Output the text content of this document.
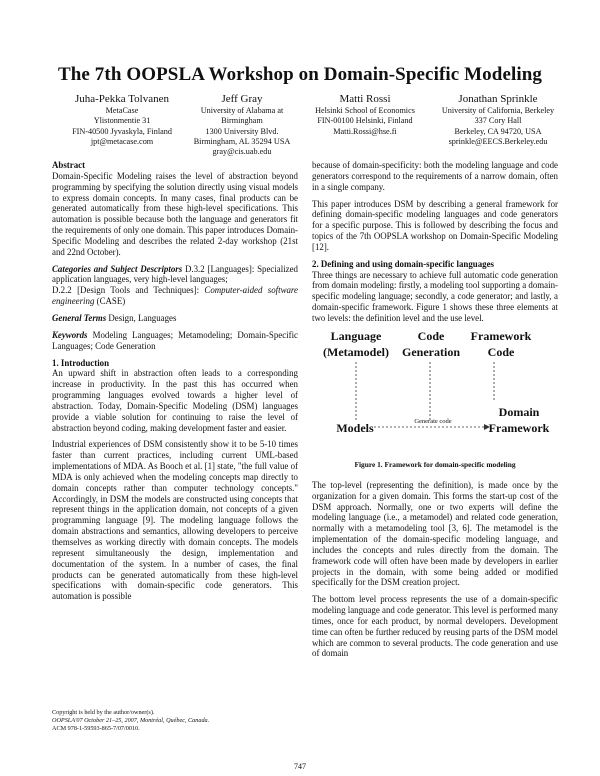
The 7th OOPSLA Workshop on Domain-Specific Modeling
Juha-Pekka Tolvanen
MetaCase
Ylistonmentie 31
FIN-40500 Jyvaskyla, Finland
jpt@metacase.com
Jeff Gray
University of Alabama at
Birmingham
1300 University Blvd.
Birmingham, AL 35294 USA
gray@cis.uab.edu
Matti Rossi
Helsinki School of Economics
FIN-00100 Helsinki, Finland
Matti.Rossi@hse.fi
Jonathan Sprinkle
University of California, Berkeley
337 Cory Hall
Berkeley, CA 94720, USA
sprinkle@EECS.Berkeley.edu
Abstract

Domain-Specific Modeling raises the level of abstraction beyond programming by specifying the solution directly using visual models to express domain concepts. In many cases, final products can be generated automatically from these high-level specifications. This automation is possible because both the language and generators fit the requirements of only one domain. This paper introduces Domain-Specific Modeling and describes the related 2-day workshop (21st and 22nd October).

Categories and Subject Descriptors D.3.2 [Languages]: Specialized application languages, very high-level languages;

D.2.2 [Design Tools and Techniques]: Computer-aided software engineering (CASE)

General Terms Design, Languages

Keywords Modeling Languages; Metamodeling; Domain-Specific Languages; Code Generation

1. Introduction

An upward shift in abstraction often leads to a corresponding increase in productivity. In the past this has occurred when programming languages evolved towards a higher level of abstraction. Today, Domain-Specific Modeling (DSM) languages provide a viable solution for continuing to raise the level of abstraction beyond coding, making development faster and easier.

Industrial experiences of DSM consistently show it to be 5-10 times faster than current practices, including current UML-based implementations of MDA. As Booch et al. [1] state, "the full value of MDA is only achieved when the modeling concepts map directly to domain concepts rather than computer technology concepts." Accordingly, in DSM the models are constructed using concepts that represent things in the application domain, not concepts of a given programming language [9]. The modeling language follows the domain abstractions and semantics, allowing developers to perceive themselves as working directly with domain concepts. The models represent simultaneously the design, implementation and documentation of the system. In a number of cases, the final products can be generated automatically from these high-level specifications with domain-specific code generators. This automation is possible

Copyright is held by the author/owner(s).
OOPSLA'07 October 21–25, 2007, Montréal, Québec, Canada.
ACM 978-1-59593-865-7/07/0010.

because of domain-specificity: both the modeling language and code generators correspond to the requirements of a narrow domain, often in a single company.

This paper introduces DSM by describing a general framework for defining domain-specific modeling languages and code generators for a specific purpose. This is followed by describing the focus and topics of the 7th OOPSLA workshop on Domain-Specific Modeling [12].

2. Defining and using domain-specific languages

Three things are necessary to achieve full automatic code generation from domain modeling: firstly, a modeling tool supporting a domain-specific modeling language; secondly, a code generator; and lastly, a domain-specific framework. Figure 1 shows these three elements at two levels: the definition level and the use level.

Language
(Metamodel)
Code
Generation
Framework
Code
Models	Generate code
Domain
Framework
Figure 1. Framework for domain-specific modeling

The top-level (representing the definition), is made once by the organization for a given domain. This forms the start-up cost of the DSM approach. Normally, one or two experts will define the modeling language (i.e., a metamodel) and related code generation, normally with a metamodeling tool [3, 6]. The metamodel is the implementation of the domain-specific modeling language, and includes the concepts and rules directly from the domain. The framework code will often have been made by developers in earlier projects in the domain, with some being added or modified specifically for the DSM creation project.

The bottom level process represents the use of a domain-specific modeling language and code generator. This level is performed many times, once for each product, by normal developers. Development time can often be further reduced by reusing parts of the DSM model which are common to several products. The code generation and use of domain

747
